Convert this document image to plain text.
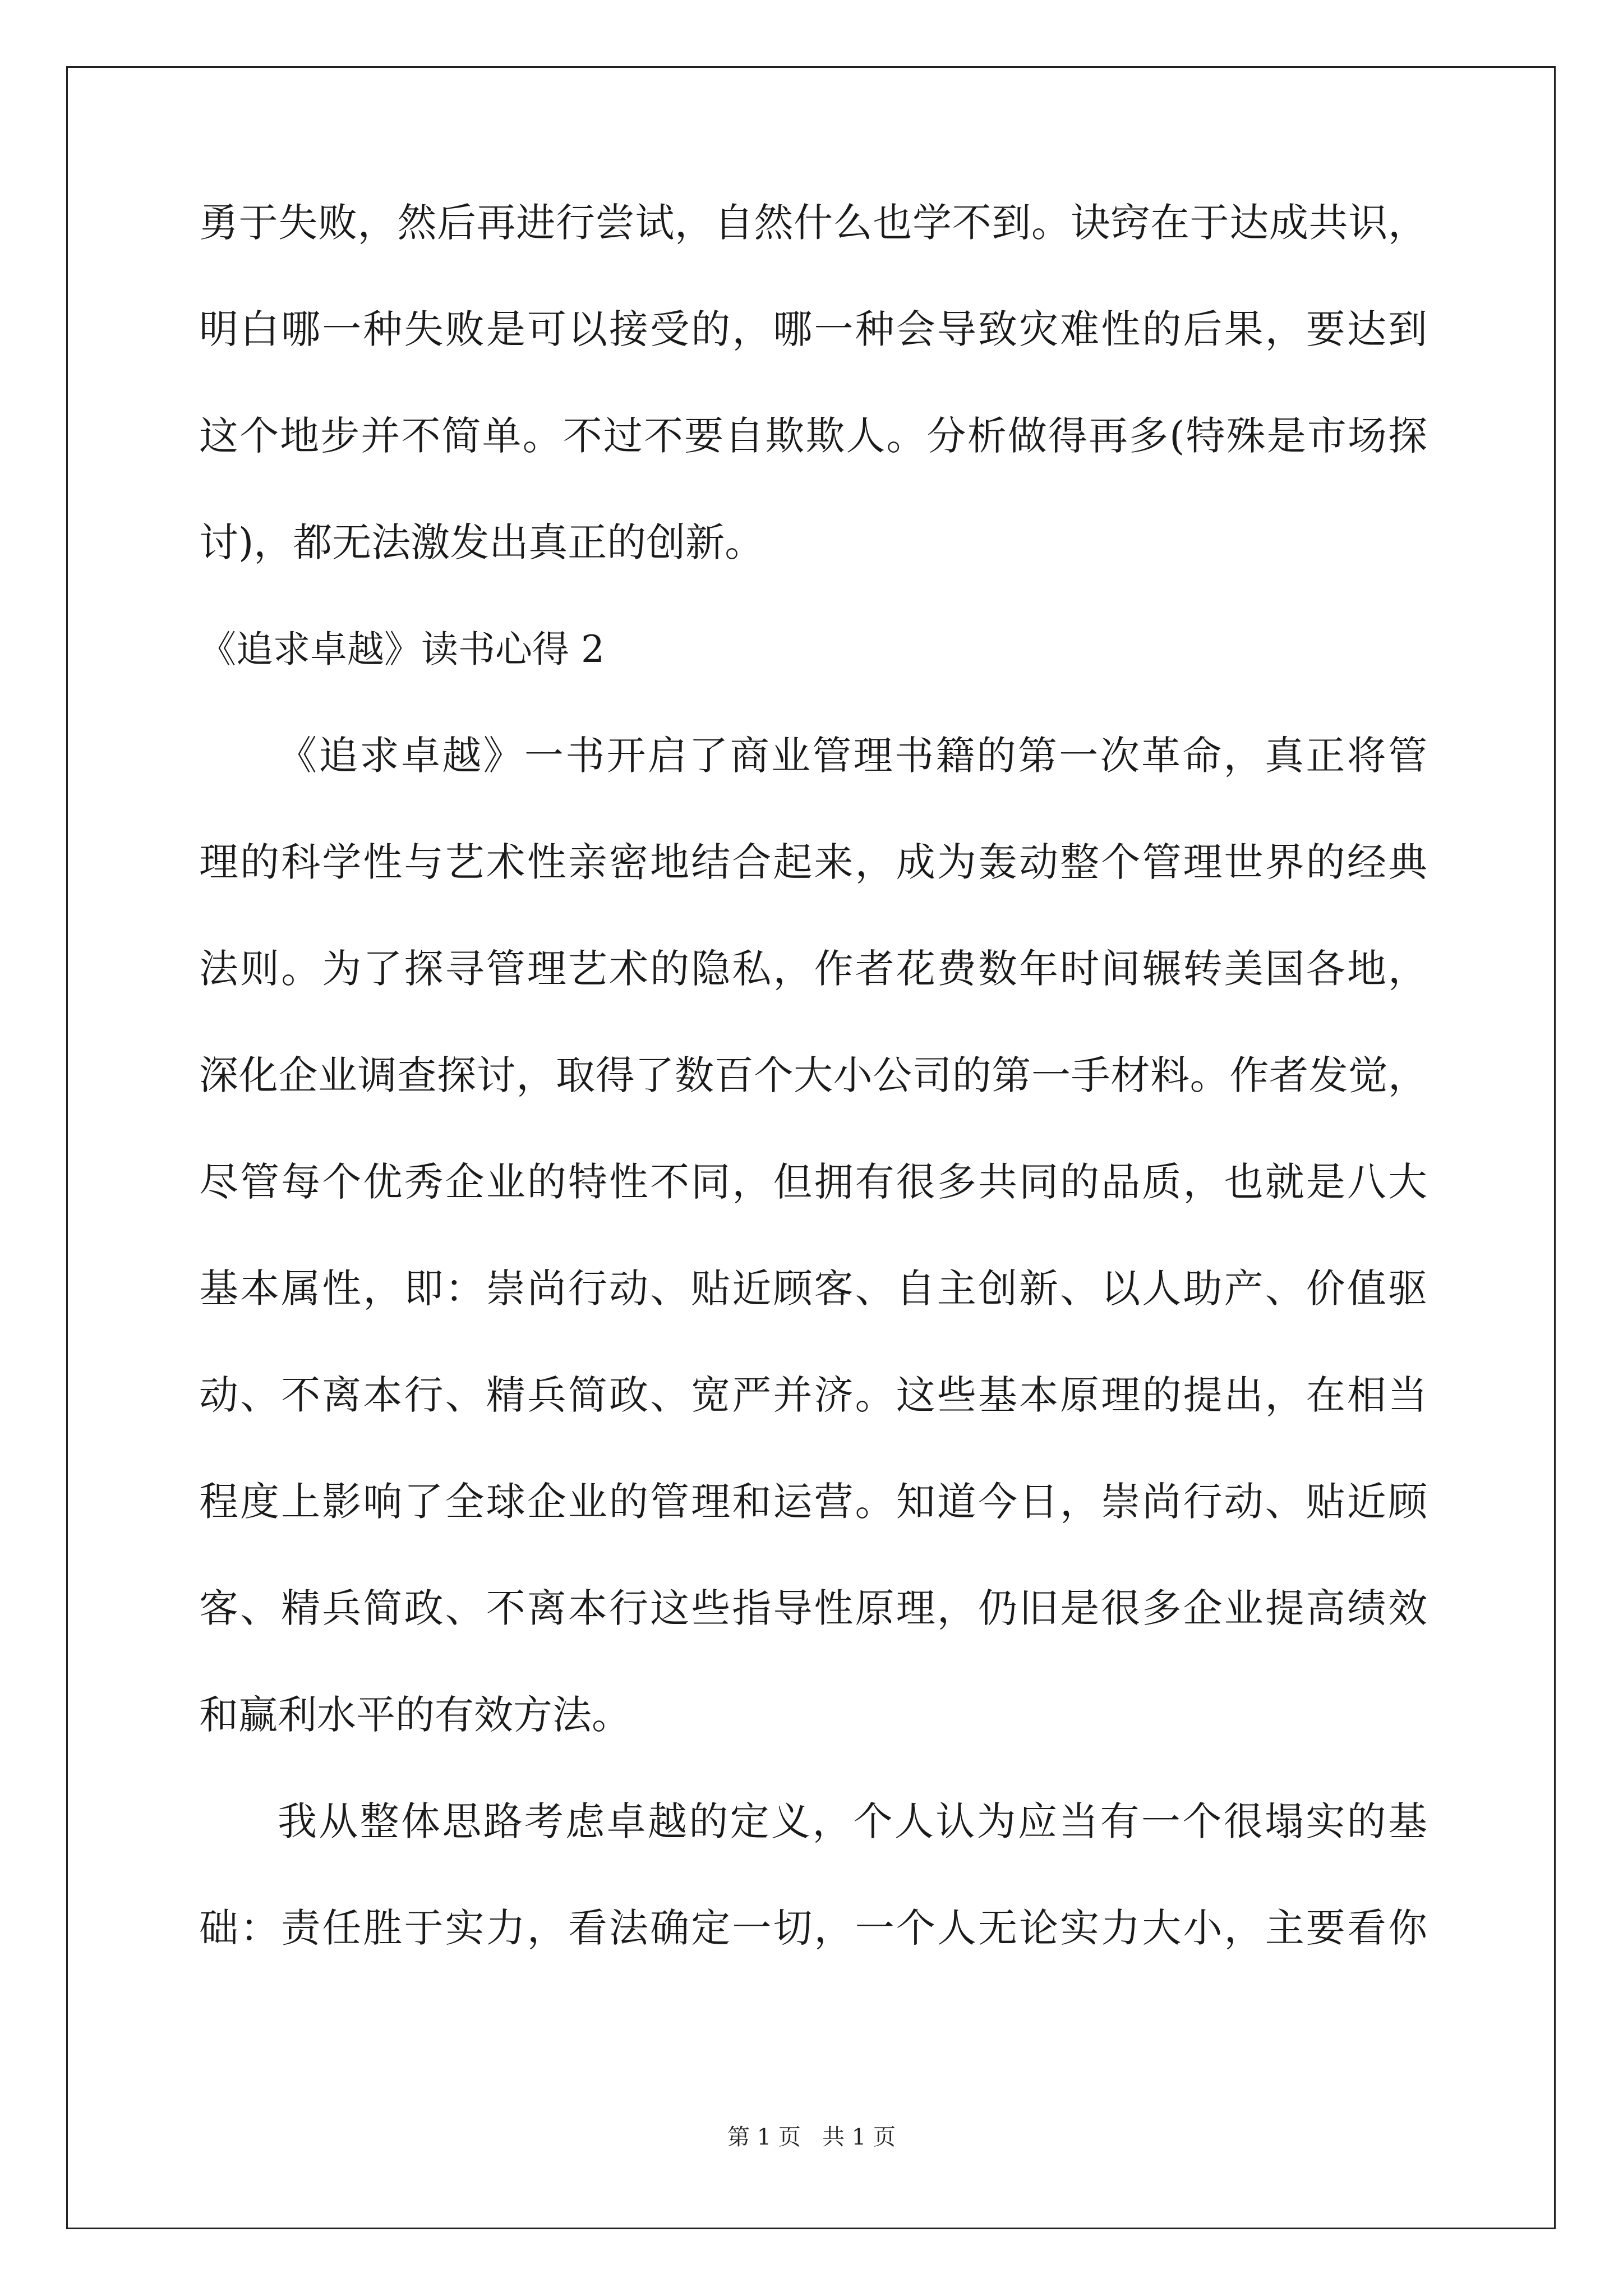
勇于失败，然后再进行尝试，自然什么也学不到。诀窍在于达成共识，
明白哪一种失败是可以接受的，哪一种会导致灾难性的后果，要达到
这个地步并不简单。不过不要自欺欺人。分析做得再多(特殊是市场探
讨)，都无法激发出真正的创新。
《追求卓越》读书心得 2
《追求卓越》一书开启了商业管理书籍的第一次革命，真正将管
理的科学性与艺术性亲密地结合起来，成为轰动整个管理世界的经典
法则。为了探寻管理艺术的隐私，作者花费数年时间辗转美国各地，
深化企业调查探讨，取得了数百个大小公司的第一手材料。作者发觉，
尽管每个优秀企业的特性不同，但拥有很多共同的品质，也就是八大
基本属性，即：崇尚行动、贴近顾客、自主创新、以人助产、价值驱
动、不离本行、精兵简政、宽严并济。这些基本原理的提出，在相当
程度上影响了全球企业的管理和运营。知道今日，崇尚行动、贴近顾
客、精兵简政、不离本行这些指导性原理，仍旧是很多企业提高绩效
和赢利水平的有效方法。
我从整体思路考虑卓越的定义，个人认为应当有一个很塌实的基
础：责任胜于实力，看法确定一切，一个人无论实力大小，主要看你
第 1 页   共 1 页
